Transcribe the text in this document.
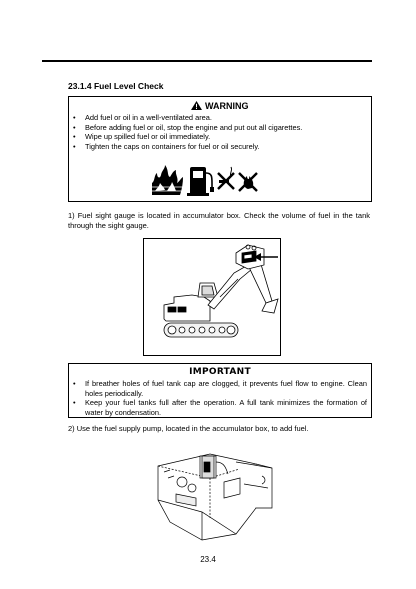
23.1.4 Fuel Level Check
WARNING
• Add fuel or oil in a well-ventilated area.
• Before adding fuel or oil, stop the engine and put out all cigarettes.
• Wipe up spilled fuel or oil immediately.
• Tighten the caps on containers for fuel or oil securely.
1) Fuel sight gauge is located in accumulator box. Check the volume of fuel in the tank through the sight gauge.
IMPORTANT
• If breather holes of fuel tank cap are clogged, it prevents fuel flow to engine. Clean holes periodically.
• Keep your fuel tanks full after the operation. A full tank minimizes the formation of water by condensation.
2) Use the fuel supply pump, located in the accumulator box, to add fuel.
23.4
